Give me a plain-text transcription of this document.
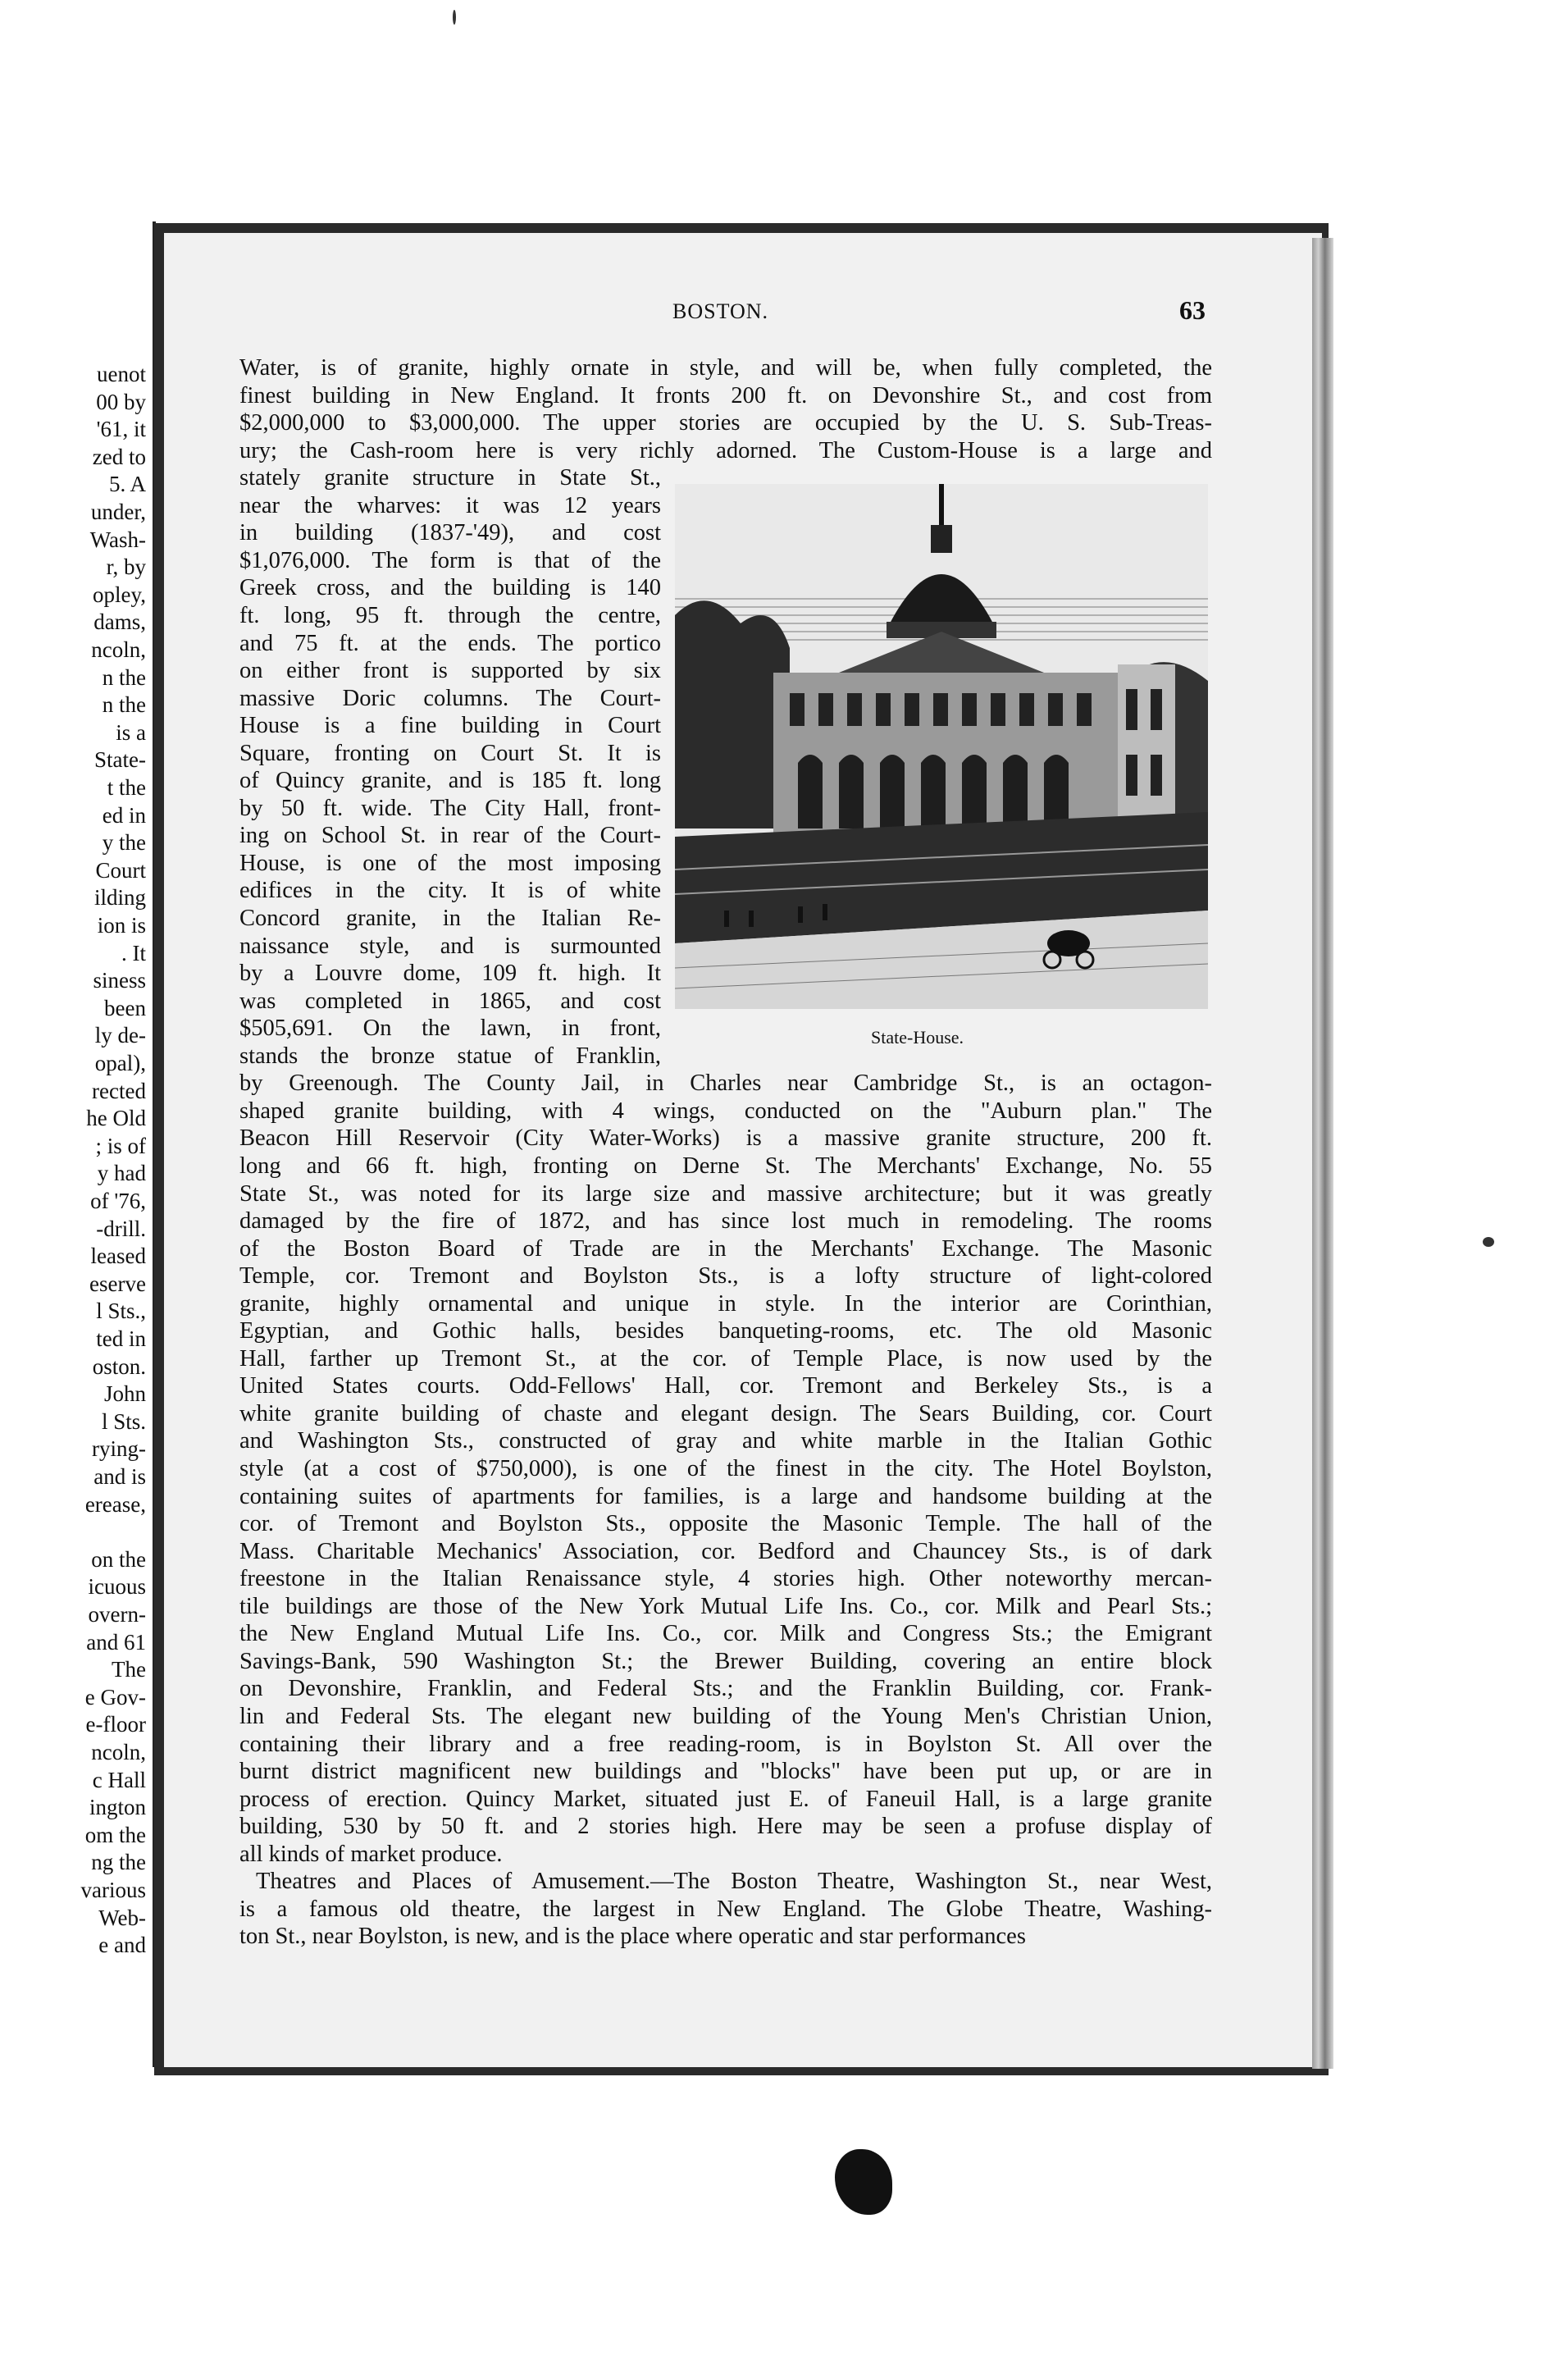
uenot
00 by
'61, it
zed to
5. A
under,
Wash-
r, by
opley,
dams,
ncoln,
n the
n the
is a
State-
t the
ed in
y the
Court
ilding
ion is
. It
siness
been
ly de-
opal),
rected
he Old
; is of
y had
of '76,
-drill.
leased
eserve
l Sts.,
ted in
oston.
John
l Sts.
rying-
and is
erease,
on the
icuous
overn-
and 61
The
e Gov-
e-floor
ncoln,
c Hall
ington
om the
ng the
various
Web-
e and
BOSTON.	63
Water, is of granite, highly ornate in style, and will be, when fully completed, the
finest building in New England. It fronts 200 ft. on Devonshire St., and cost from
$2,000,000 to $3,000,000. The upper stories are occupied by the U. S. Sub-Treas-
ury; the Cash-room here is very richly adorned. The Custom-House is a large and
stately granite structure in State St.,
near the wharves: it was 12 years
in building (1837-'49), and cost
$1,076,000. The form is that of the
Greek cross, and the building is 140
ft. long, 95 ft. through the centre,
and 75 ft. at the ends. The portico
on either front is supported by six
massive Doric columns. The Court-
House is a fine building in Court
Square, fronting on Court St. It is
of Quincy granite, and is 185 ft. long
by 50 ft. wide. The City Hall, front-
ing on School St. in rear of the Court-
House, is one of the most imposing
edifices in the city. It is of white
Concord granite, in the Italian Re-
naissance style, and is surmounted
by a Louvre dome, 109 ft. high. It
was completed in 1865, and cost
$505,691. On the lawn, in front,
stands the bronze statue of Franklin,
by Greenough. The County Jail, in Charles near Cambridge St., is an octagon-
shaped granite building, with 4 wings, conducted on the "Auburn plan." The
Beacon Hill Reservoir (City Water-Works) is a massive granite structure, 200 ft.
long and 66 ft. high, fronting on Derne St. The Merchants' Exchange, No. 55
State St., was noted for its large size and massive architecture; but it was greatly
damaged by the fire of 1872, and has since lost much in remodeling. The rooms
of the Boston Board of Trade are in the Merchants' Exchange. The Masonic
Temple, cor. Tremont and Boylston Sts., is a lofty structure of light-colored
granite, highly ornamental and unique in style. In the interior are Corinthian,
Egyptian, and Gothic halls, besides banqueting-rooms, etc. The old Masonic
Hall, farther up Tremont St., at the cor. of Temple Place, is now used by the
United States courts. Odd-Fellows' Hall, cor. Tremont and Berkeley Sts., is a
white granite building of chaste and elegant design. The Sears Building, cor. Court
and Washington Sts., constructed of gray and white marble in the Italian Gothic
style (at a cost of $750,000), is one of the finest in the city. The Hotel Boylston,
containing suites of apartments for families, is a large and handsome building at the
cor. of Tremont and Boylston Sts., opposite the Masonic Temple. The hall of the
Mass. Charitable Mechanics' Association, cor. Bedford and Chauncey Sts., is of dark
freestone in the Italian Renaissance style, 4 stories high. Other noteworthy mercan-
tile buildings are those of the New York Mutual Life Ins. Co., cor. Milk and Pearl Sts.;
the New England Mutual Life Ins. Co., cor. Milk and Congress Sts.; the Emigrant
Savings-Bank, 590 Washington St.; the Brewer Building, covering an entire block
on Devonshire, Franklin, and Federal Sts.; and the Franklin Building, cor. Frank-
lin and Federal Sts. The elegant new building of the Young Men's Christian Union,
containing their library and a free reading-room, is in Boylston St. All over the
burnt district magnificent new buildings and "blocks" have been put up, or are in
process of erection. Quincy Market, situated just E. of Faneuil Hall, is a large granite
building, 530 by 50 ft. and 2 stories high. Here may be seen a profuse display of
all kinds of market produce.
Theatres and Places of Amusement.—The Boston Theatre, Washington St., near West,
is a famous old theatre, the largest in New England. The Globe Theatre, Washing-
ton St., near Boylston, is new, and is the place where operatic and star performances
State-House.
